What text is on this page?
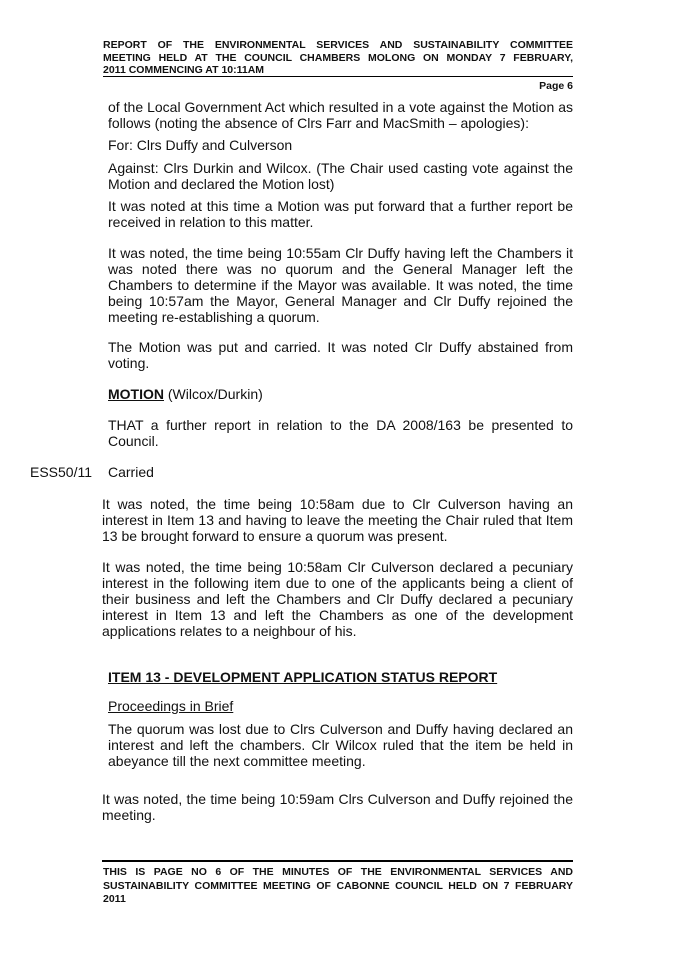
REPORT OF THE ENVIRONMENTAL SERVICES AND SUSTAINABILITY COMMITTEE
MEETING HELD AT THE COUNCIL CHAMBERS MOLONG ON MONDAY 7 FEBRUARY,
2011 COMMENCING AT 10:11AM
Page 6
of the Local Government Act which resulted in a vote against the Motion as follows (noting the absence of Clrs Farr and MacSmith – apologies):
For: Clrs Duffy and Culverson
Against: Clrs Durkin and Wilcox. (The Chair used casting vote against the Motion and declared the Motion lost)
It was noted at this time a Motion was put forward that a further report be received in relation to this matter.
It was noted, the time being 10:55am Clr Duffy having left the Chambers it was noted there was no quorum and the General Manager left the Chambers to determine if the Mayor was available. It was noted, the time being 10:57am the Mayor, General Manager and Clr Duffy rejoined the meeting re-establishing a quorum.
The Motion was put and carried. It was noted Clr Duffy abstained from voting.
MOTION (Wilcox/Durkin)
THAT a further report in relation to the DA 2008/163 be presented to Council.
ESS50/11 Carried
It was noted, the time being 10:58am due to Clr Culverson having an interest in Item 13 and having to leave the meeting the Chair ruled that Item 13 be brought forward to ensure a quorum was present.
It was noted, the time being 10:58am Clr Culverson declared a pecuniary interest in the following item due to one of the applicants being a client of their business and left the Chambers and Clr Duffy declared a pecuniary interest in Item 13 and left the Chambers as one of the development applications relates to a neighbour of his.
ITEM 13 - DEVELOPMENT APPLICATION STATUS REPORT
Proceedings in Brief
The quorum was lost due to Clrs Culverson and Duffy having declared an interest and left the chambers. Clr Wilcox ruled that the item be held in abeyance till the next committee meeting.
It was noted, the time being 10:59am Clrs Culverson and Duffy rejoined the meeting.
THIS IS PAGE NO 6 OF THE MINUTES OF THE ENVIRONMENTAL SERVICES AND SUSTAINABILITY COMMITTEE MEETING OF CABONNE COUNCIL HELD ON 7 FEBRUARY 2011
